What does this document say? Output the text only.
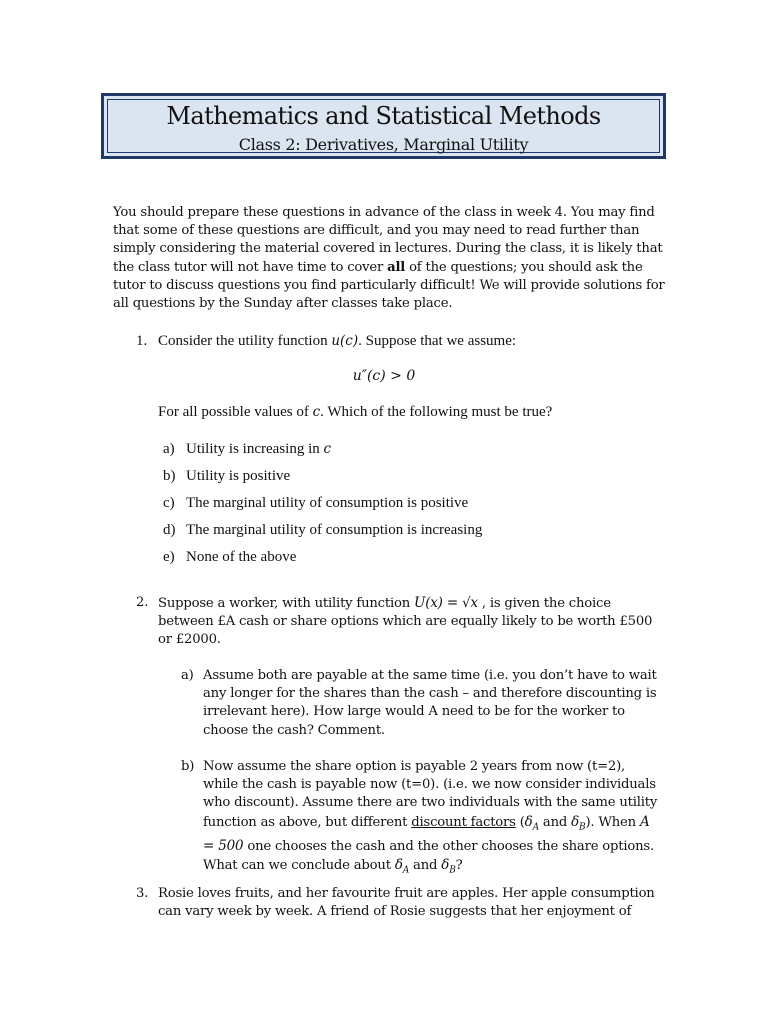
Mathematics and Statistical Methods
Class 2: Derivatives, Marginal Utility
You should prepare these questions in advance of the class in week 4. You may find that some of these questions are difficult, and you may need to read further than simply considering the material covered in lectures. During the class, it is likely that the class tutor will not have time to cover all of the questions; you should ask the tutor to discuss questions you find particularly difficult! We will provide solutions for all questions by the Sunday after classes take place.
1. Consider the utility function u(c). Suppose that we assume:
u″(c) > 0
For all possible values of c. Which of the following must be true?
a) Utility is increasing in c
b) Utility is positive
c) The marginal utility of consumption is positive
d) The marginal utility of consumption is increasing
e) None of the above
2. Suppose a worker, with utility function U(x) = √x , is given the choice between £A cash or share options which are equally likely to be worth £500 or £2000.
a) Assume both are payable at the same time (i.e. you don’t have to wait any longer for the shares than the cash – and therefore discounting is irrelevant here). How large would A need to be for the worker to choose the cash? Comment.
b) Now assume the share option is payable 2 years from now (t=2), while the cash is payable now (t=0). (i.e. we now consider individuals who discount). Assume there are two individuals with the same utility function as above, but different discount factors ($\delta_A$ and $\delta_B$). When A = 500 one chooses the cash and the other chooses the share options. What can we conclude about $\delta_A$ and $\delta_B$?
3. Rosie loves fruits, and her favourite fruit are apples. Her apple consumption can vary week by week. A friend of Rosie suggests that her enjoyment of
